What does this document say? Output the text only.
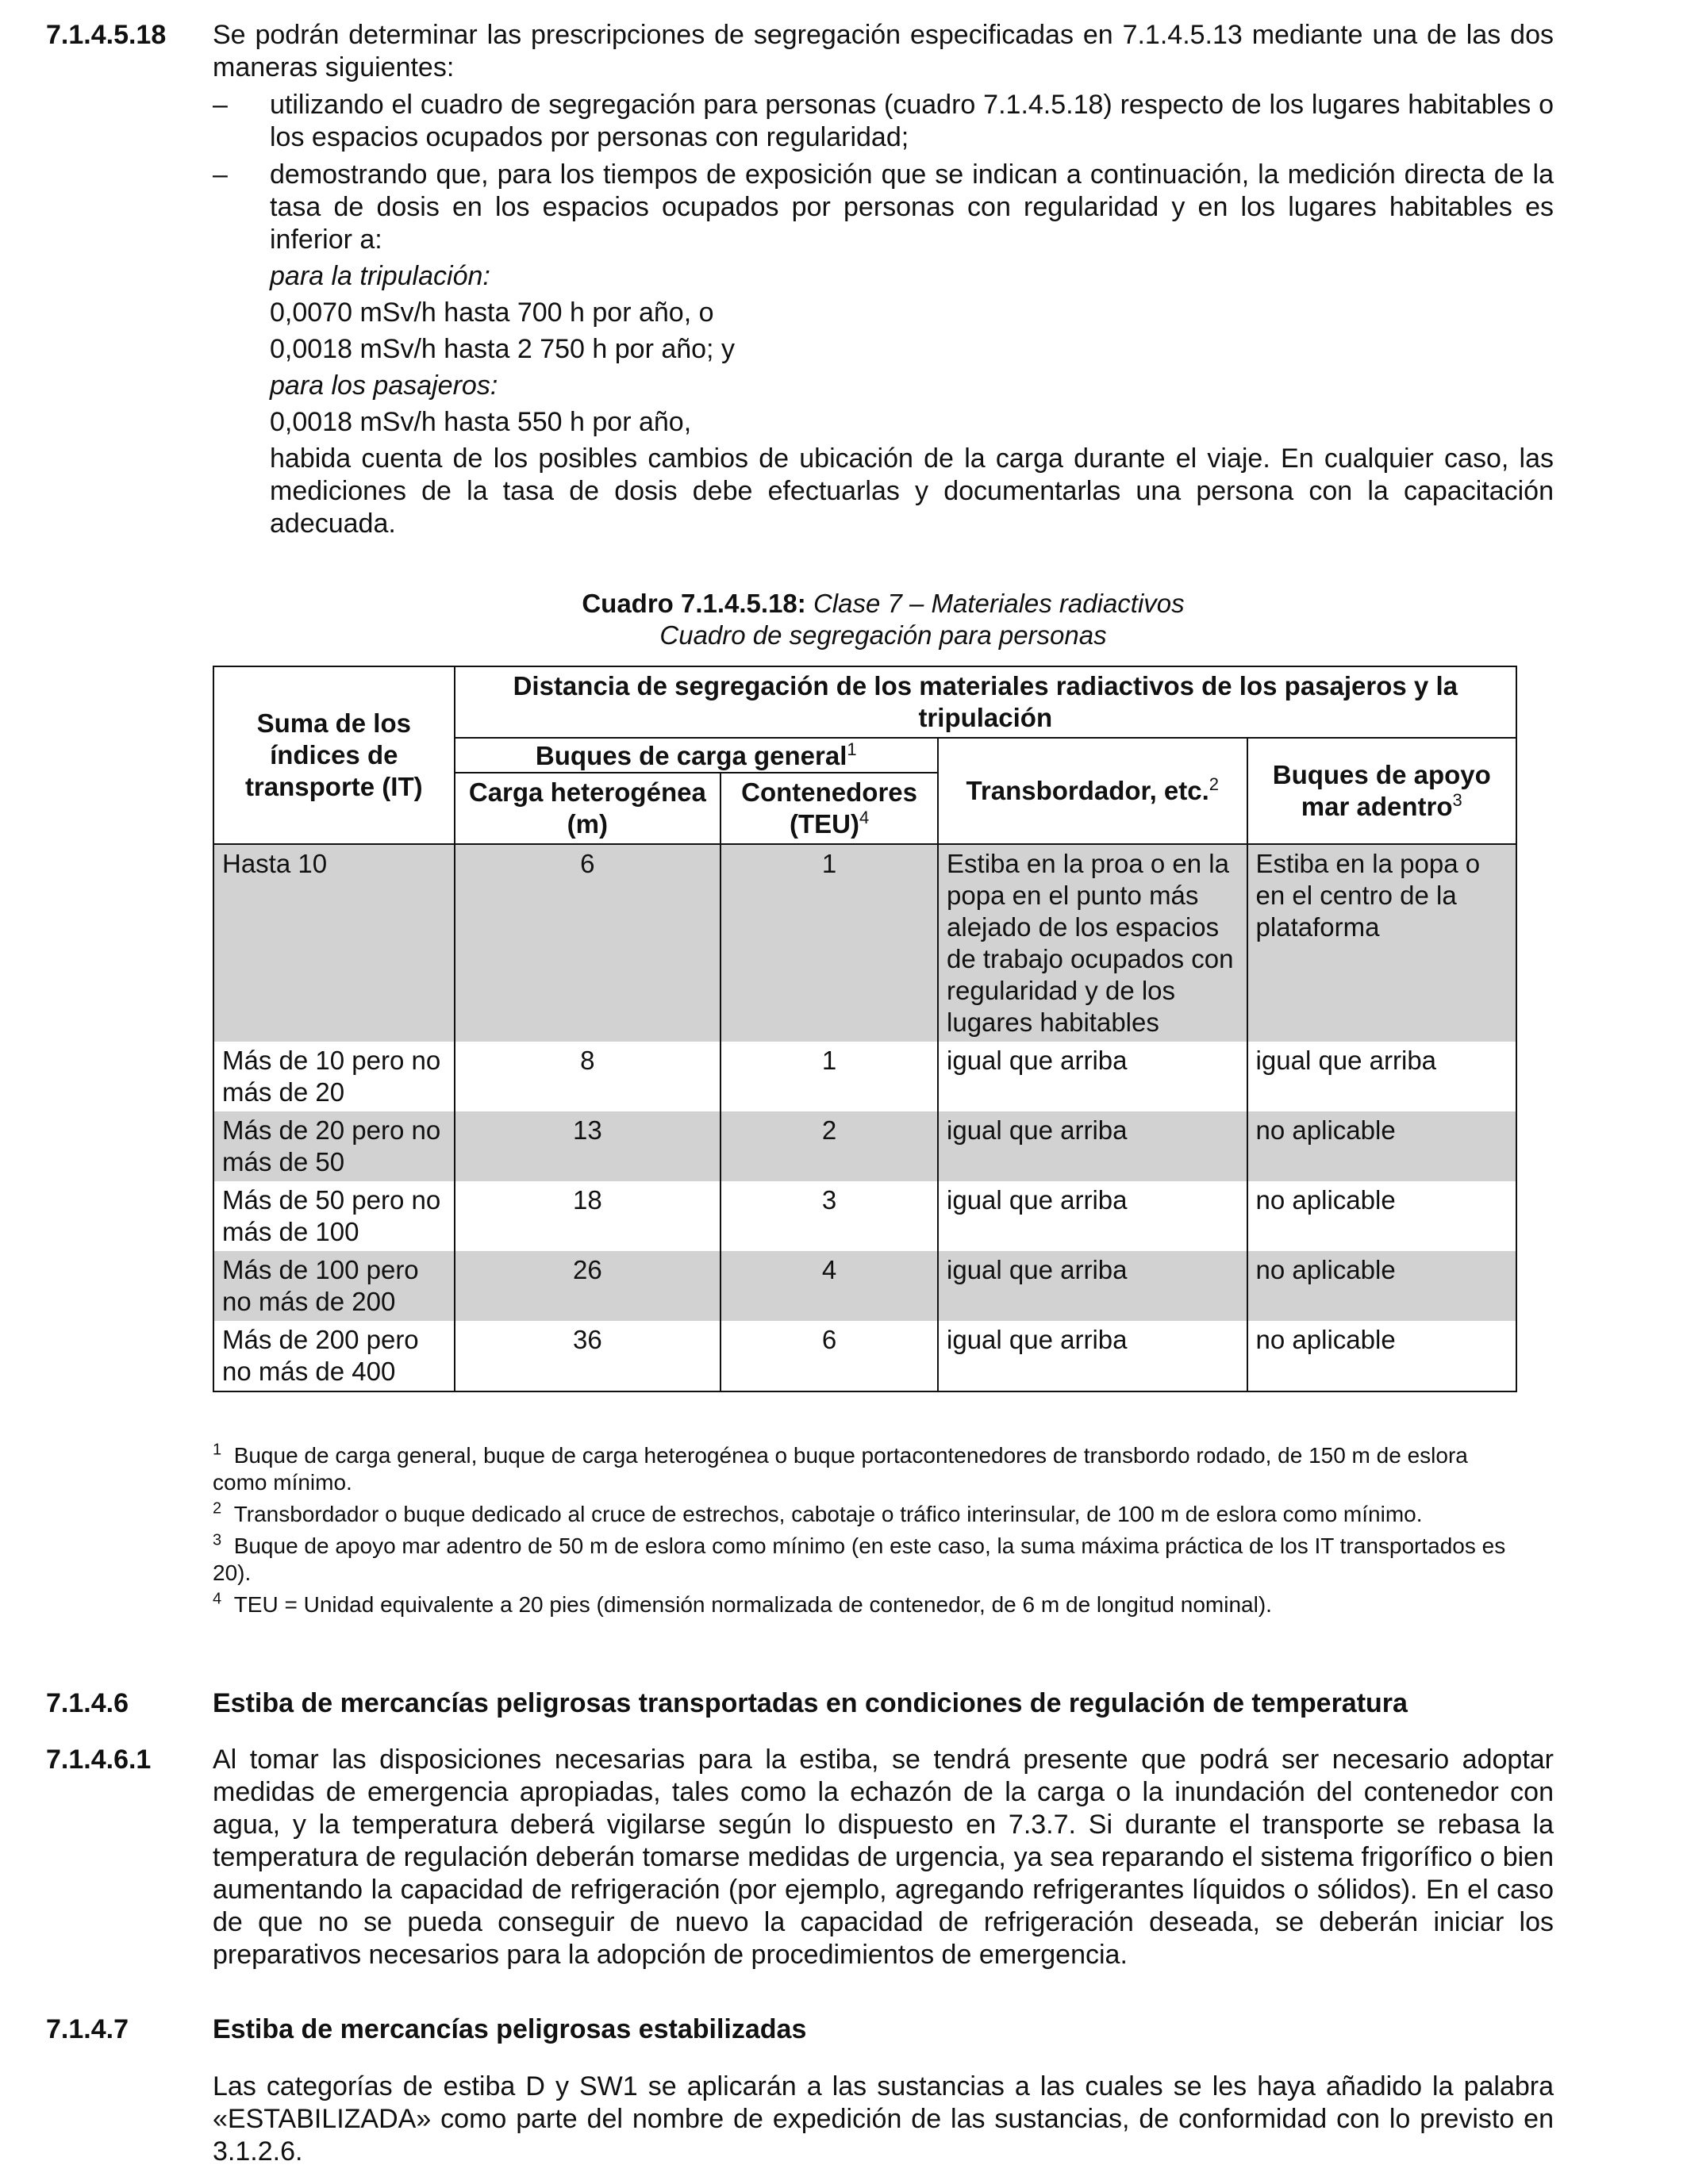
7.1.4.5.18	Se podrán determinar las prescripciones de segregación especificadas en 7.1.4.5.13 mediante una de las dos maneras siguientes:

–	utilizando el cuadro de segregación para personas (cuadro 7.1.4.5.18) respecto de los lugares habitables o los espacios ocupados por personas con regularidad;
–	demostrando que, para los tiempos de exposición que se indican a continuación, la medición directa de la tasa de dosis en los espacios ocupados por personas con regularidad y en los lugares habitables es inferior a:
para la tripulación:
0,0070 mSv/h hasta 700 h por año, o
0,0018 mSv/h hasta 2 750 h por año; y
para los pasajeros:
0,0018 mSv/h hasta 550 h por año,
habida cuenta de los posibles cambios de ubicación de la carga durante el viaje. En cualquier caso, las mediciones de la tasa de dosis debe efectuarlas y documentarlas una persona con la capacitación adecuada.
Cuadro 7.1.4.5.18: Clase 7 – Materiales radiactivos
Cuadro de segregación para personas
Suma de los índices de transporte (IT)	Distancia de segregación de los materiales radiactivos de los pasajeros y la tripulación			
	Buques de carga general$^1$		Transbordador, etc.$^2$	Buques de apoyo mar adentro$^3$
	Carga heterogénea (m)	Contenedores (TEU)$^4$
Hasta 10	6	1	Estiba en la proa o en la popa en el punto más alejado de los espacios de trabajo ocupados con regularidad y de los lugares habitables	Estiba en la popa o en el centro de la plataforma
Más de 10 pero no más de 20	8	1	igual que arriba	igual que arriba
Más de 20 pero no más de 50	13	2	igual que arriba	no aplicable
Más de 50 pero no más de 100	18	3	igual que arriba	no aplicable
Más de 100 pero no más de 200	26	4	igual que arriba	no aplicable
Más de 200 pero no más de 400	36	6	igual que arriba	no aplicable
$^1$ Buque de carga general, buque de carga heterogénea o buque portacontenedores de transbordo rodado, de 150 m de eslora como mínimo.
$^2$ Transbordador o buque dedicado al cruce de estrechos, cabotaje o tráfico interinsular, de 100 m de eslora como mínimo.
$^3$ Buque de apoyo mar adentro de 50 m de eslora como mínimo (en este caso, la suma máxima práctica de los IT transportados es 20).
$^4$ TEU = Unidad equivalente a 20 pies (dimensión normalizada de contenedor, de 6 m de longitud nominal).
7.1.4.6	Estiba de mercancías peligrosas transportadas en condiciones de regulación de temperatura
7.1.4.6.1	Al tomar las disposiciones necesarias para la estiba, se tendrá presente que podrá ser necesario adoptar medidas de emergencia apropiadas, tales como la echazón de la carga o la inundación del contenedor con agua, y la temperatura deberá vigilarse según lo dispuesto en 7.3.7. Si durante el transporte se rebasa la temperatura de regulación deberán tomarse medidas de urgencia, ya sea reparando el sistema frigorífico o bien aumentando la capacidad de refrigeración (por ejemplo, agregando refrigerantes líquidos o sólidos). En el caso de que no se pueda conseguir de nuevo la capacidad de refrigeración deseada, se deberán iniciar los preparativos necesarios para la adopción de procedimientos de emergencia.
7.1.4.7	Estiba de mercancías peligrosas estabilizadas
Las categorías de estiba D y SW1 se aplicarán a las sustancias a las cuales se les haya añadido la palabra «ESTABILIZADA» como parte del nombre de expedición de las sustancias, de conformidad con lo previsto en 3.1.2.6.
